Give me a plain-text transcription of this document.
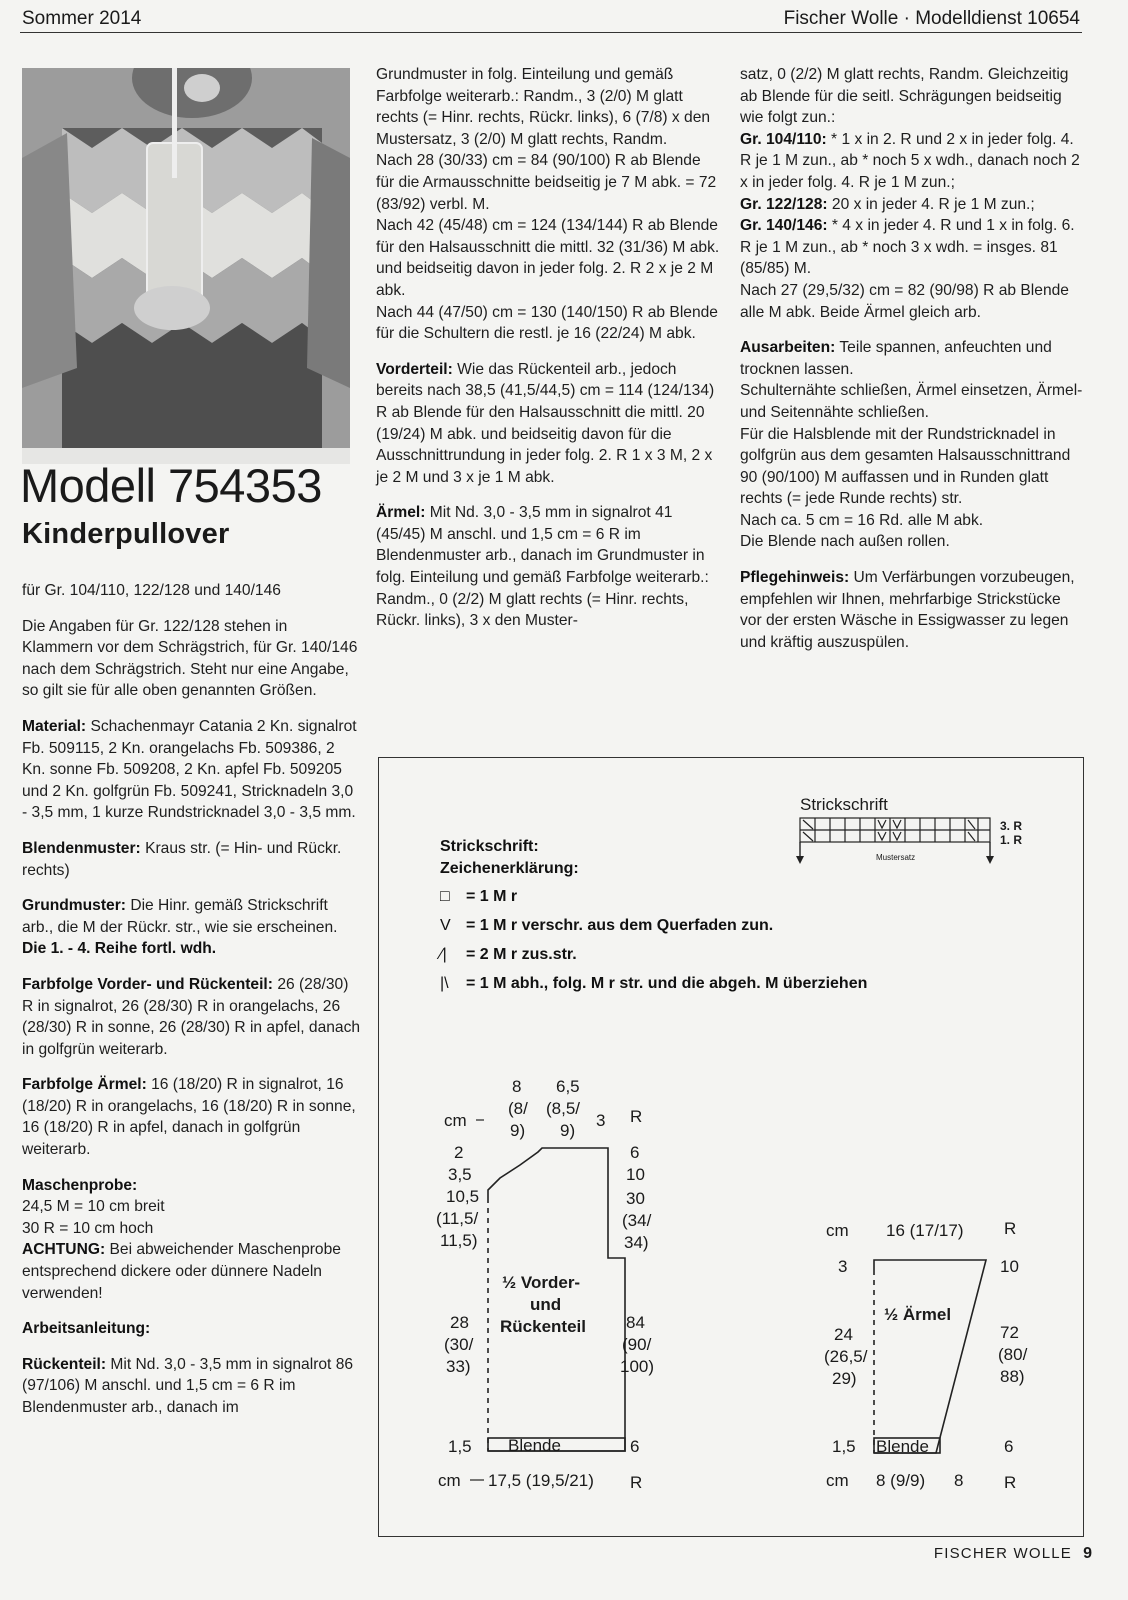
Sommer 2014	Fischer Wolle · Modelldienst 10654
Modell 754353
Kinderpullover

für Gr. 104/110, 122/128 und 140/146

Die Angaben für Gr. 122/128 stehen in Klammern vor dem Schrägstrich, für Gr. 140/146 nach dem Schrägstrich. Steht nur eine Angabe, so gilt sie für alle oben genannten Größen.

Material: Schachenmayr Catania 2 Kn. signalrot Fb. 509115, 2 Kn. orangelachs Fb. 509386, 2 Kn. sonne Fb. 509208, 2 Kn. apfel Fb. 509205 und 2 Kn. golfgrün Fb. 509241, Stricknadeln 3,0 - 3,5 mm, 1 kurze Rundstricknadel 3,0 - 3,5 mm.

Blendenmuster: Kraus str. (= Hin- und Rückr. rechts)

Grundmuster: Die Hinr. gemäß Strickschrift arb., die M der Rückr. str., wie sie erscheinen. Die 1. - 4. Reihe fortl. wdh.

Farbfolge Vorder- und Rückenteil: 26 (28/30) R in signalrot, 26 (28/30) R in orangelachs, 26 (28/30) R in sonne, 26 (28/30) R in apfel, danach in golfgrün weiterarb.

Farbfolge Ärmel: 16 (18/20) R in signalrot, 16 (18/20) R in orangelachs, 16 (18/20) R in sonne, 16 (18/20) R in apfel, danach in golfgrün weiterarb.

Maschenprobe:

24,5 M = 10 cm breit

30 R = 10 cm hoch

ACHTUNG: Bei abweichender Maschenprobe entsprechend dickere oder dünnere Nadeln verwenden!

Arbeitsanleitung:

Rückenteil: Mit Nd. 3,0 - 3,5 mm in signalrot 86 (97/106) M anschl. und 1,5 cm = 6 R im Blendenmuster arb., danach im

Grundmuster in folg. Einteilung und gemäß Farbfolge weiterarb.: Randm., 3 (2/0) M glatt rechts (= Hinr. rechts, Rückr. links), 6 (7/8) x den Mustersatz, 3 (2/0) M glatt rechts, Randm.

Nach 28 (30/33) cm = 84 (90/100) R ab Blende für die Armausschnitte beidseitig je 7 M abk. = 72 (83/92) verbl. M.

Nach 42 (45/48) cm = 124 (134/144) R ab Blende für den Halsausschnitt die mittl. 32 (31/36) M abk. und beidseitig davon in jeder folg. 2. R 2 x je 2 M abk.

Nach 44 (47/50) cm = 130 (140/150) R ab Blende für die Schultern die restl. je 16 (22/24) M abk.

Vorderteil: Wie das Rückenteil arb., jedoch bereits nach 38,5 (41,5/44,5) cm = 114 (124/134) R ab Blende für den Halsausschnitt die mittl. 20 (19/24) M abk. und beidseitig davon für die Ausschnittrundung in jeder folg. 2. R 1 x 3 M, 2 x je 2 M und 3 x je 1 M abk.

Ärmel: Mit Nd. 3,0 - 3,5 mm in signalrot 41 (45/45) M anschl. und 1,5 cm = 6 R im Blendenmuster arb., danach im Grundmuster in folg. Einteilung und gemäß Farbfolge weiterarb.: Randm., 0 (2/2) M glatt rechts (= Hinr. rechts, Rückr. links), 3 x den Muster-

satz, 0 (2/2) M glatt rechts, Randm. Gleichzeitig ab Blende für die seitl. Schrägungen beidseitig wie folgt zun.:

Gr. 104/110: * 1 x in 2. R und 2 x in jeder folg. 4. R je 1 M zun., ab * noch 5 x wdh., danach noch 2 x in jeder folg. 4. R je 1 M zun.;

Gr. 122/128: 20 x in jeder 4. R je 1 M zun.;

Gr. 140/146: * 4 x in jeder 4. R und 1 x in folg. 6. R je 1 M zun., ab * noch 3 x wdh. = insges. 81 (85/85) M.

Nach 27 (29,5/32) cm = 82 (90/98) R ab Blende alle M abk. Beide Ärmel gleich arb.

Ausarbeiten: Teile spannen, anfeuchten und trocknen lassen.
Schulternähte schließen, Ärmel einsetzen, Ärmel- und Seitennähte schließen.
Für die Halsblende mit der Rundstricknadel in golfgrün aus dem gesamten Halsausschnittrand 90 (90/100) M auffassen und in Runden glatt rechts (= jede Runde rechts) str.
Nach ca. 5 cm = 16 Rd. alle M abk.
Die Blende nach außen rollen.

Pflegehinweis: Um Verfärbungen vorzubeugen, empfehlen wir Ihnen, mehrfarbige Strickstücke vor der ersten Wäsche in Essigwasser zu legen und kräftig auszuspülen.

Strickschrift:
Zeichenerklärung:
□ = 1 M r
V = 1 M r verschr. aus dem Querfaden zun.
⁄| = 2 M r zus.str.
|\ = 1 M abh., folg. M r str. und die abgeh. M überziehen
Strickschrift
Mustersatz
3. R
1. R
cm
8
(8/
9)
6,5
(8,5/
9)
3 R
2
3,5
10,5
(11,5/
11,5)
6
10
30
(34/
34)
½ Vorder-
und
Rückenteil
28
(30/
33)
84
(90/
100)
1,5 Blende	6
cm 17,5 (19,5/21) R
cm 16 (17/17) R
3	10
½ Ärmel
24
(26,5/
29)
72
(80/
88)
1,5 Blende	6
cm 8 (9/9) 8 R
FISCHER WOLLE 9
